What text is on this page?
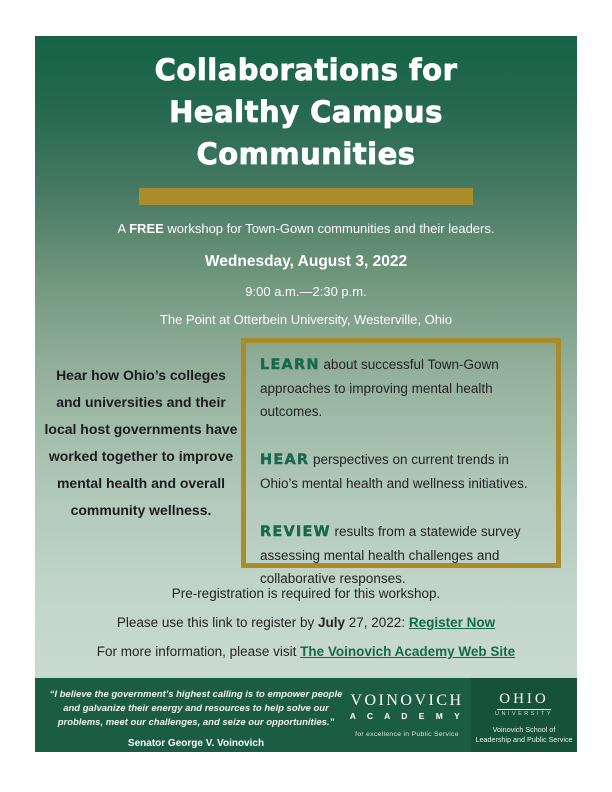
Collaborations for
Healthy Campus
Communities

A FREE workshop for Town-Gown communities and their leaders.

Wednesday, August 3, 2022

9:00 a.m.—2:30 p.m.

The Point at Otterbein University, Westerville, Ohio

Hear how Ohio’s colleges and universities and their local host governments have worked together to improve mental health and overall community wellness.

LEARN about successful Town-Gown approaches to improving mental health outcomes.

HEAR perspectives on current trends in Ohio’s mental health and wellness initiatives.

REVIEW results from a statewide survey assessing mental health challenges and collaborative responses.

Pre-registration is required for this workshop.

Please use this link to register by July 27, 2022: Register Now

For more information, please visit The Voinovich Academy Web Site

“I believe the government’s highest calling is to empower people and galvanize their energy and resources to help solve our problems, meet our challenges, and seize our opportunities.”

Senator George V. Voinovich

VOINOVICH
A C A D E M Y
for excellence in Public Service
OHIO
UNIVERSITY
Voinovich School of
Leadership and Public Service
